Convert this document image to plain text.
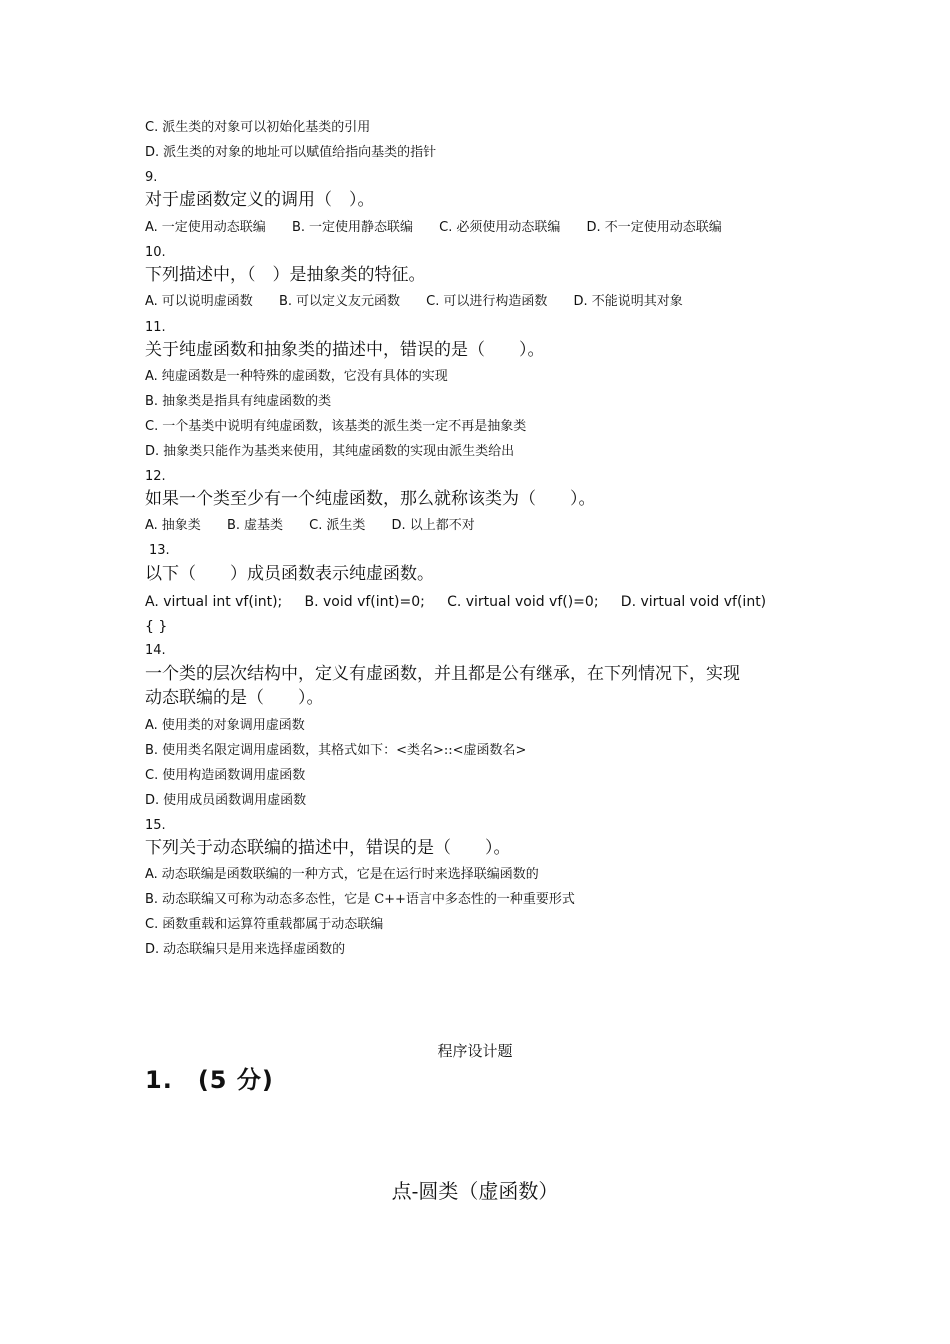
C. 派生类的对象可以初始化基类的引用
D. 派生类的对象的地址可以赋值给指向基类的指针
9.
对于虚函数定义的调用（　）。
A. 一定使用动态联编 B. 一定使用静态联编 C. 必须使用动态联编 D. 不一定使用动态联编
10.
下列描述中，（　）是抽象类的特征。
A. 可以说明虚函数 B. 可以定义友元函数 C. 可以进行构造函数 D. 不能说明其对象
11.
关于纯虚函数和抽象类的描述中，错误的是（　　）。
A. 纯虚函数是一种特殊的虚函数，它没有具体的实现
B. 抽象类是指具有纯虚函数的类
C. 一个基类中说明有纯虚函数，该基类的派生类一定不再是抽象类
D. 抽象类只能作为基类来使用，其纯虚函数的实现由派生类给出
12.
如果一个类至少有一个纯虚函数，那么就称该类为（　　）。
A. 抽象类 B. 虚基类 C. 派生类 D. 以上都不对
13.
以下（　　）成员函数表示纯虚函数。
A. virtual int vf(int);     B. void vf(int)=0;     C. virtual void vf()=0;     D. virtual void vf(int)
{ }
14.
一个类的层次结构中，定义有虚函数，并且都是公有继承，在下列情况下，实现
动态联编的是（　　）。
A. 使用类的对象调用虚函数
B. 使用类名限定调用虚函数，其格式如下：<类名>::<虚函数名>
C. 使用构造函数调用虚函数
D. 使用成员函数调用虚函数
15.
下列关于动态联编的描述中，错误的是（　　）。
A. 动态联编是函数联编的一种方式，它是在运行时来选择联编函数的
B. 动态联编又可称为动态多态性，它是 C++语言中多态性的一种重要形式
C. 函数重载和运算符重载都属于动态联编
D. 动态联编只是用来选择虚函数的
程序设计题
1.　(5 分)
点-圆类（虚函数）
